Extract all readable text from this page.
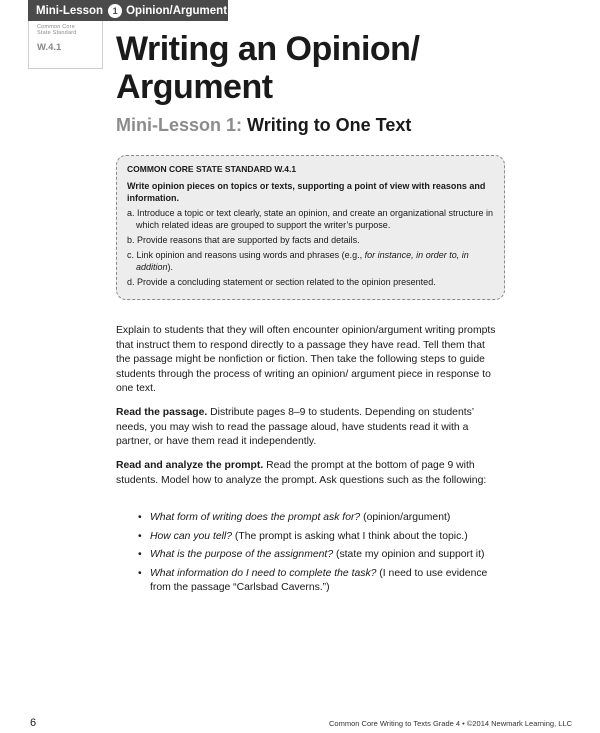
Mini-Lesson	1 Opinion/Argument
Common Core
State Standard
W.4.1	Writing an Opinion/
Argument
Mini-Lesson 1: Writing to One Text
COMMON CORE STATE STANDARD W.4.1
Write opinion pieces on topics or texts, supporting a point of view with reasons and information.
a. Introduce a topic or text clearly, state an opinion, and create an organizational structure in which related ideas are grouped to support the writer’s purpose.
b. Provide reasons that are supported by facts and details.
c. Link opinion and reasons using words and phrases (e.g., for instance, in order to, in addition).
d. Provide a concluding statement or section related to the opinion presented.

Explain to students that they will often encounter opinion/argument writing prompts that instruct them to respond directly to a passage they have read. Tell them that the passage might be nonfiction or fiction. Then take the following steps to guide students through the process of writing an opinion/ argument piece in response to one text.

Read the passage. Distribute pages 8–9 to students. Depending on students’ needs, you may wish to read the passage aloud, have students read it with a partner, or have them read it independently.

Read and analyze the prompt. Read the prompt at the bottom of page 9 with students. Model how to analyze the prompt. Ask questions such as the following:

• What form of writing does the prompt ask for? (opinion/argument)
• How can you tell? (The prompt is asking what I think about the topic.)
• What is the purpose of the assignment? (state my opinion and support it)
• What information do I need to complete the task? (I need to use evidence from the passage “Carlsbad Caverns.”)
6	Common Core Writing to Texts Grade 4 • ©2014 Newmark Learning, LLC
